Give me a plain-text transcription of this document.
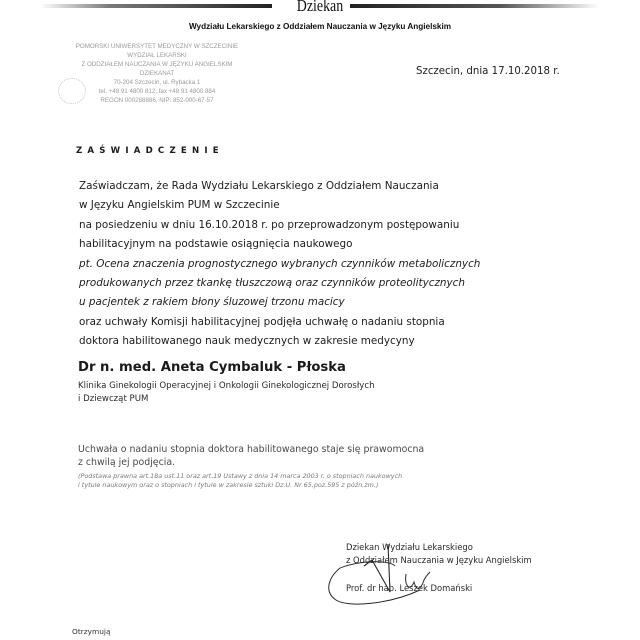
Dziekan
Wydziału Lekarskiego z Oddziałem Nauczania w Języku Angielskim
POMORSKI UNIWERSYTET MEDYCZNY W SZCZECINIE
WYDZIAŁ LEKARSKI
Z ODDZIAŁEM NAUCZANIA W JĘZYKU ANGIELSKIM
DZIEKANAT
70-204 Szczecin, ul. Rybacka 1
tel. +48 91 4800 812, fax +48 91 4800 884
REGON 000288886, NIP: 852-000-67-57
Szczecin, dnia 17.10.2018 r.
ZAŚWIADCZENIE
Zaświadczam, że Rada Wydziału Lekarskiego z Oddziałem Nauczania
w Języku Angielskim PUM w Szczecinie
na posiedzeniu w dniu 16.10.2018 r. po przeprowadzonym postępowaniu
habilitacyjnym na podstawie osiągnięcia naukowego
pt. Ocena znaczenia prognostycznego wybranych czynników metabolicznych
produkowanych przez tkankę tłuszczową oraz czynników proteolitycznych
u pacjentek z rakiem błony śluzowej trzonu macicy
oraz uchwały Komisji habilitacyjnej podjęła uchwałę o nadaniu stopnia
doktora habilitowanego nauk medycznych w zakresie medycyny
Dr n. med. Aneta Cymbaluk - Płoska
Klinika Ginekologii Operacyjnej i Onkologii Ginekologicznej Dorosłych
i Dziewcząt PUM
Uchwała o nadaniu stopnia doktora habilitowanego staje się prawomocna
z chwilą jej podjęcia.
(Podstawa prawna art.18a ust.11 oraz art.19 Ustawy z dnia 14 marca 2003 r. o stopniach naukowych
i tytule naukowym oraz o stopniach i tytule w zakresie sztuki Dz.U. Nr 65,poz.595 z późn.zm.)
Dziekan Wydziału Lekarskiego
z Oddziałem Nauczania w Języku Angielskim
Prof. dr hab. Leszek Domański
Otrzymują
